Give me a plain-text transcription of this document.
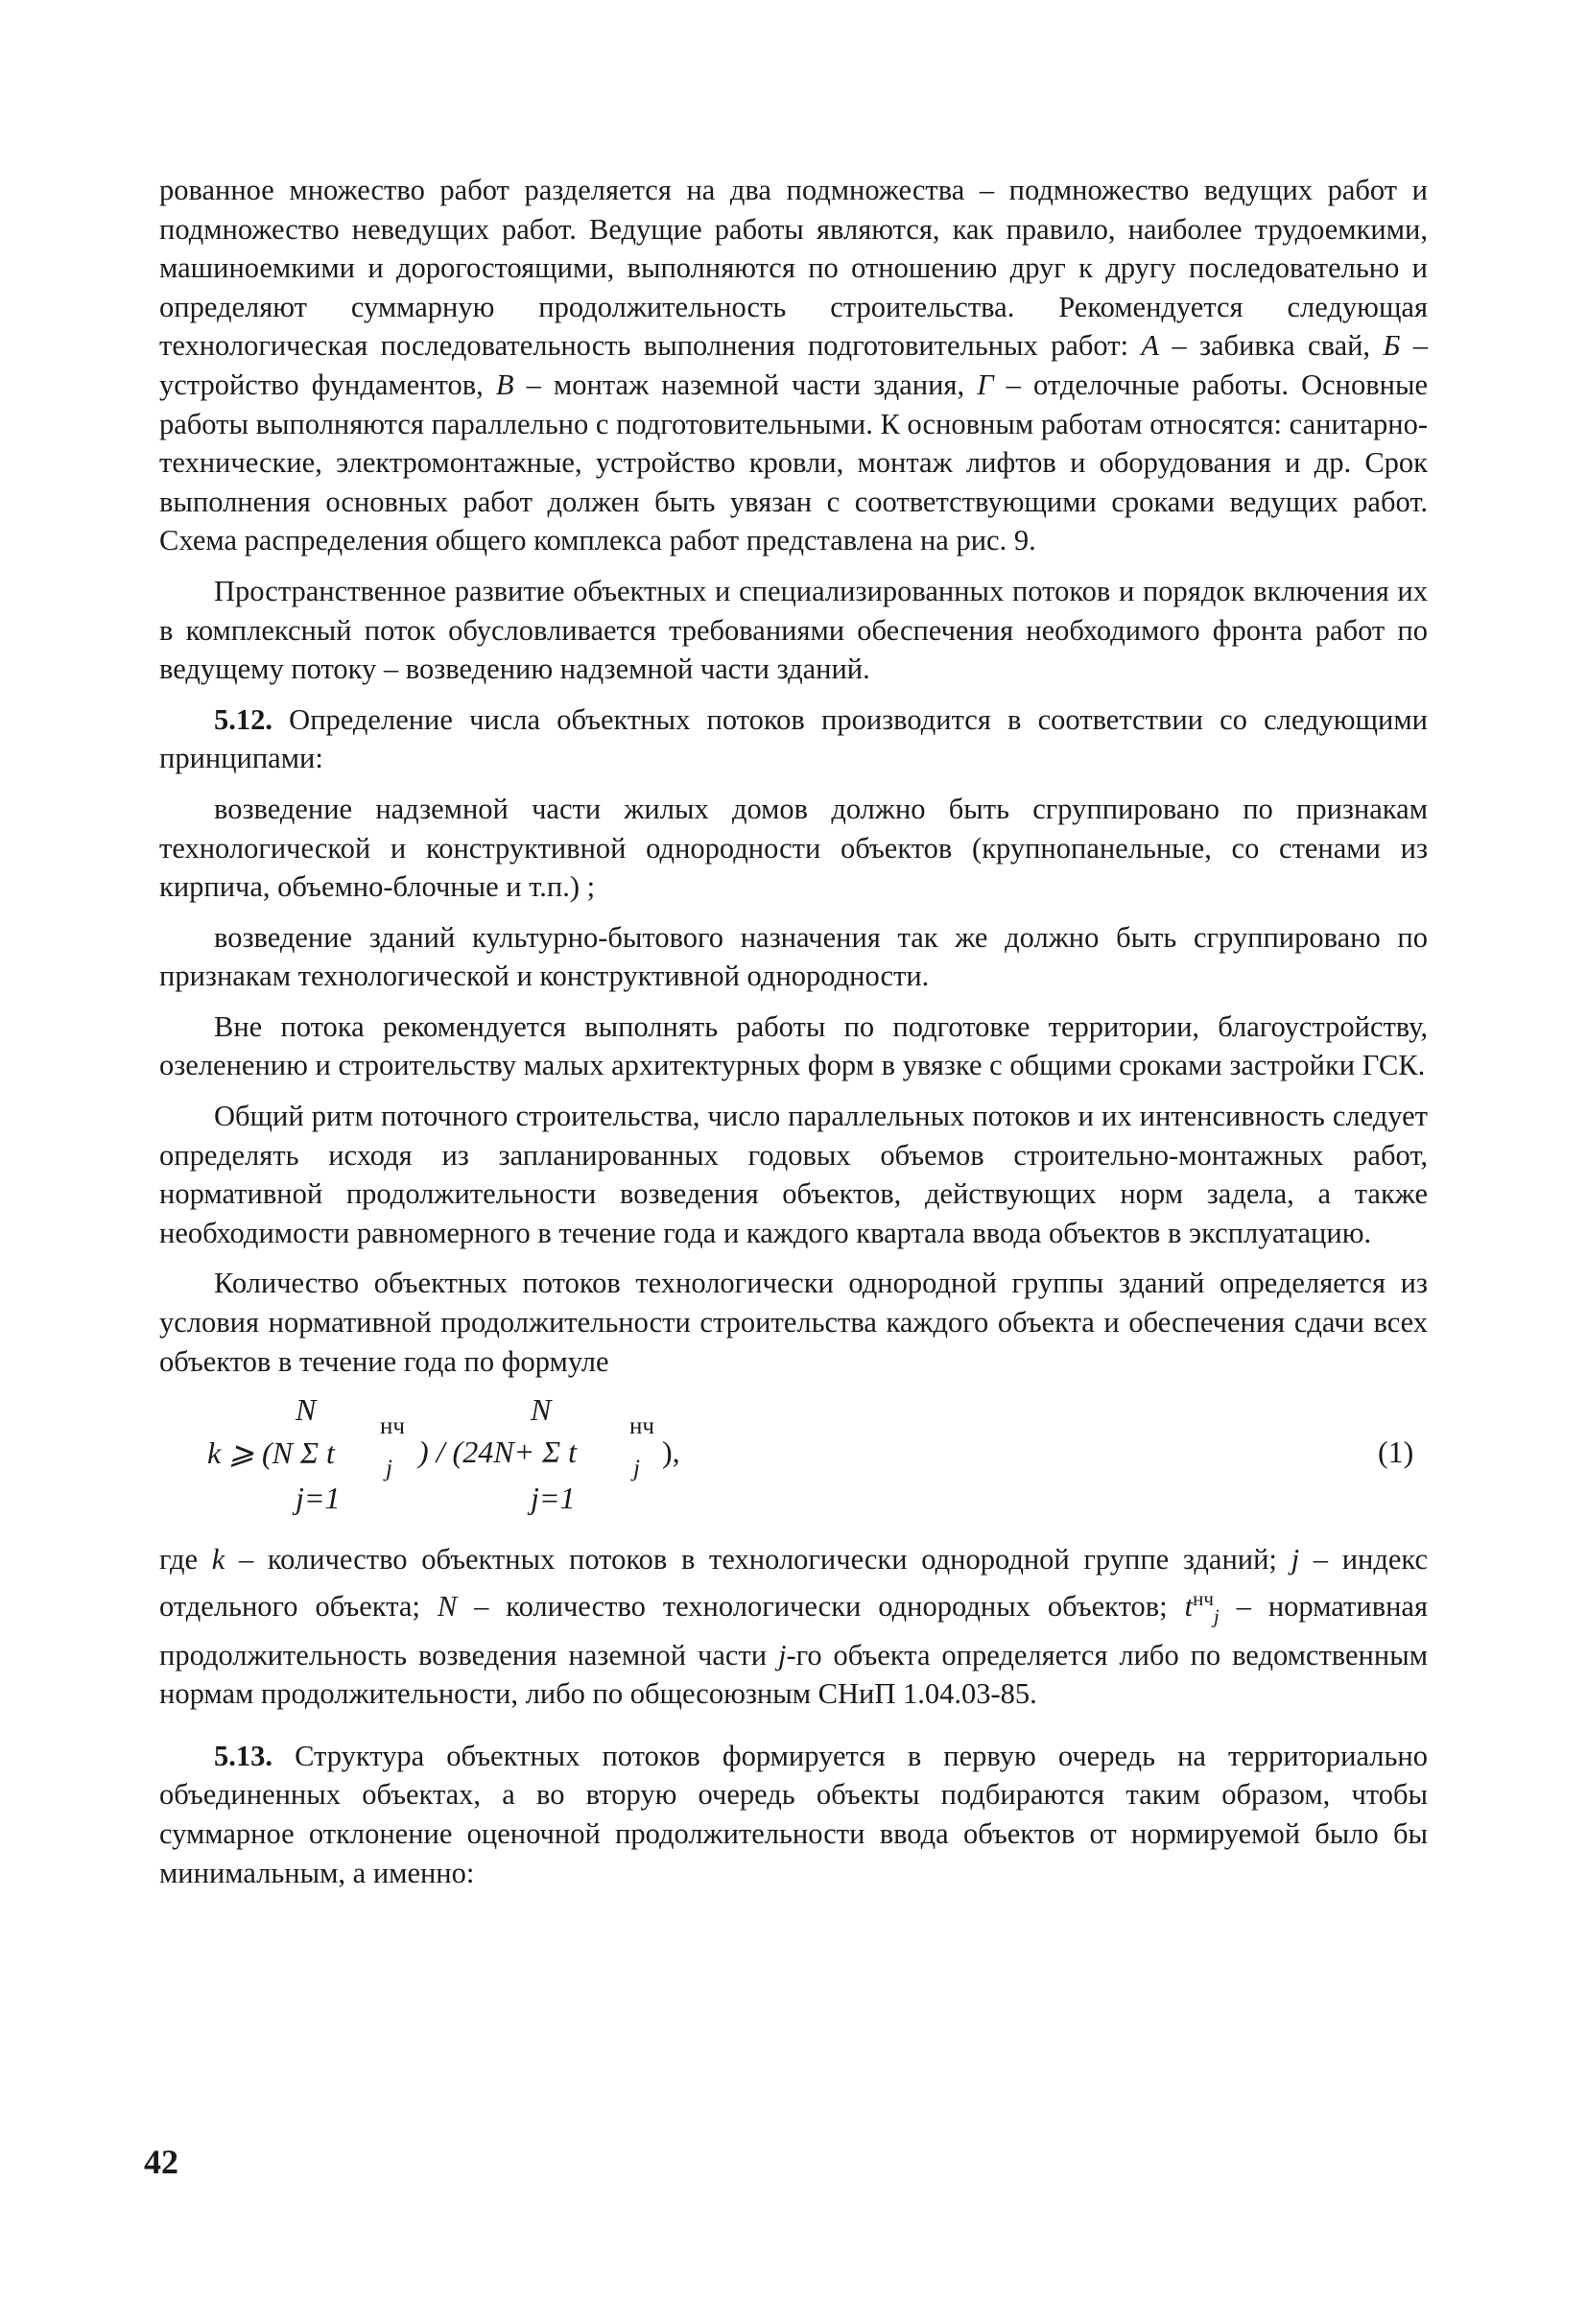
рованное множество работ разделяется на два подмножества – подмножество ведущих работ и подмножество неведущих работ. Ведущие работы являются, как правило, наиболее трудоемкими, машиноемкими и дорогостоящими, выполняются по отношению друг к другу последовательно и определяют суммарную продолжительность строительства. Рекомендуется следующая технологическая последовательность выполнения подготовительных работ: А – забивка свай, Б – устройство фундаментов, В – монтаж наземной части здания, Г – отделочные работы. Основные работы выполняются параллельно с подготовительными. К основным работам относятся: санитарно-технические, электромонтажные, устройство кровли, монтаж лифтов и оборудования и др. Срок выполнения основных работ должен быть увязан с соответствующими сроками ведущих работ. Схема распределения общего комплекса работ представлена на рис. 9.

Пространственное развитие объектных и специализированных потоков и порядок включения их в комплексный поток обусловливается требованиями обеспечения необходимого фронта работ по ведущему потоку – возведению надземной части зданий.

5.12. Определение числа объектных потоков производится в соответствии со следующими принципами:

возведение надземной части жилых домов должно быть сгруппировано по признакам технологической и конструктивной однородности объектов (крупнопанельные, со стенами из кирпича, объемно-блочные и т.п.) ;

возведение зданий культурно-бытового назначения так же должно быть сгруппировано по признакам технологической и конструктивной однородности.

Вне потока рекомендуется выполнять работы по подготовке территории, благоустройству, озеленению и строительству малых архитектурных форм в увязке с общими сроками застройки ГСК.

Общий ритм поточного строительства, число параллельных потоков и их интенсивность следует определять исходя из запланированных годовых объемов строительно-монтажных работ, нормативной продолжительности возведения объектов, действующих норм задела, а также необходимости равномерного в течение года и каждого квартала ввода объектов в эксплуатацию.

Количество объектных потоков технологически однородной группы зданий определяется из условия нормативной продолжительности строительства каждого объекта и обеспечения сдачи всех объектов в течение года по формуле

N	N
k ⩾ (N Σ t
нч
j ) / (24N+ Σ t
нч
j ),
j=1	j=1
(1)

где k – количество объектных потоков в технологически однородной группе зданий; j – индекс отдельного объекта; N – количество технологически однородных объектов; $t^{нч}_j$ – нормативная продолжительность возведения наземной части j-го объекта определяется либо по ведомственным нормам продолжительности, либо по общесоюзным СНиП 1.04.03-85.

5.13. Структура объектных потоков формируется в первую очередь на территориально объединенных объектах, а во вторую очередь объекты подбираются таким образом, чтобы суммарное отклонение оценочной продолжительности ввода объектов от нормируемой было бы минимальным, а именно:

42
